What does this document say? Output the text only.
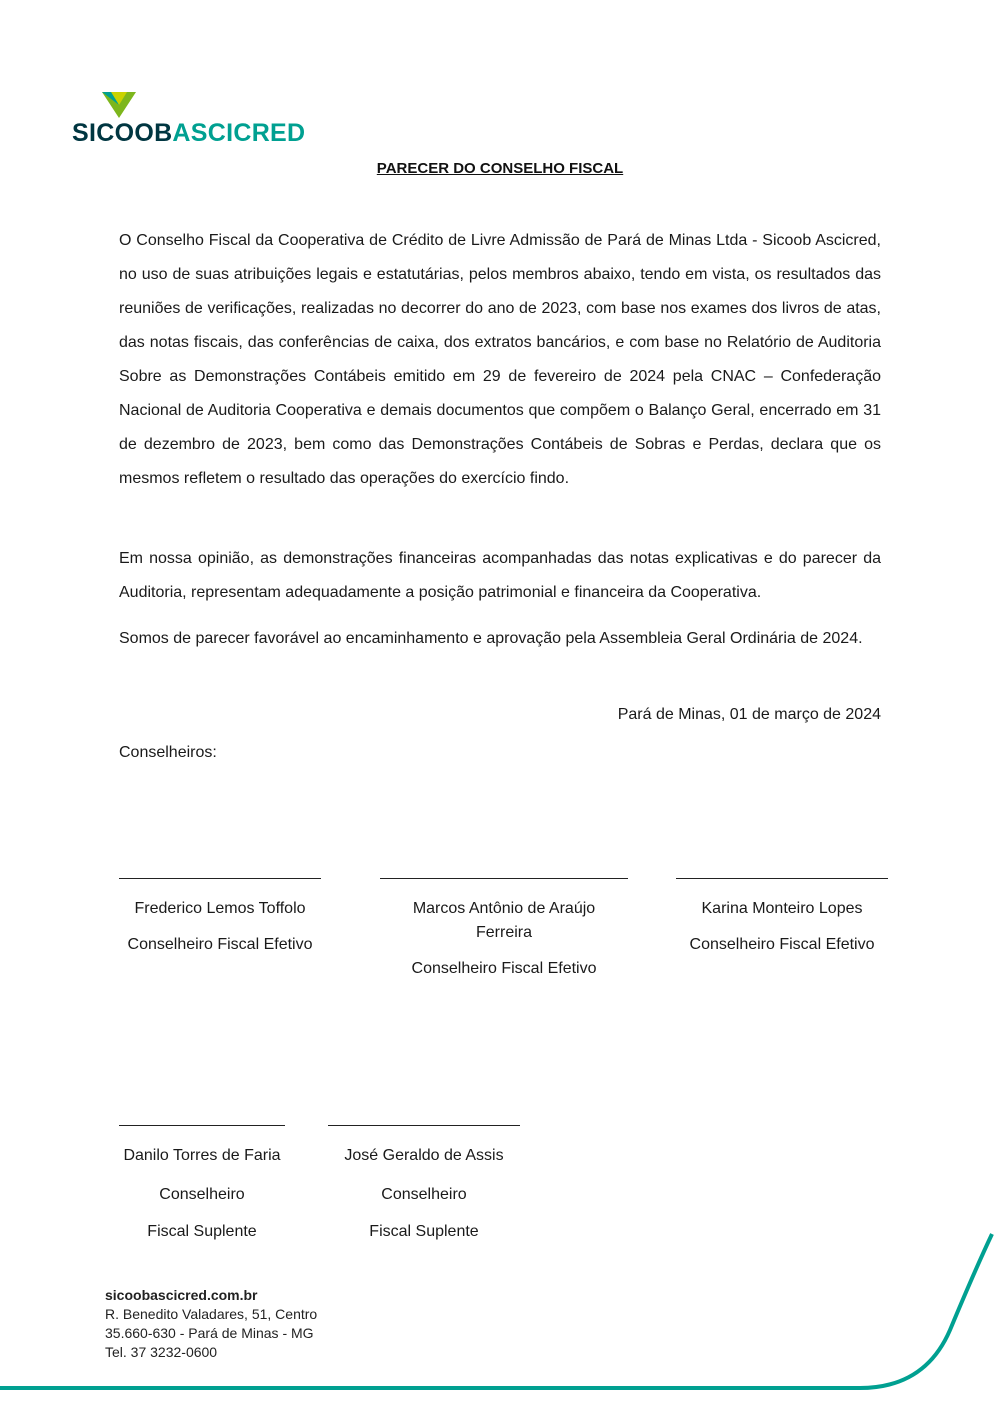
SICOOBASCICRED
PARECER DO CONSELHO FISCAL

O Conselho Fiscal da Cooperativa de Crédito de Livre Admissão de Pará de Minas Ltda - Sicoob Ascicred, no uso de suas atribuições legais e estatutárias, pelos membros abaixo, tendo em vista, os resultados das reuniões de verificações, realizadas no decorrer do ano de 2023, com base nos exames dos livros de atas, das notas fiscais, das conferências de caixa, dos extratos bancários, e com base no Relatório de Auditoria Sobre as Demonstrações Contábeis emitido em 29 de fevereiro de 2024 pela CNAC – Confederação Nacional de Auditoria Cooperativa e demais documentos que compõem o Balanço Geral, encerrado em 31 de dezembro de 2023, bem como das Demonstrações Contábeis de Sobras e Perdas, declara que os mesmos refletem o resultado das operações do exercício findo.

Em nossa opinião, as demonstrações financeiras acompanhadas das notas explicativas e do parecer da Auditoria, representam adequadamente a posição patrimonial e financeira da Cooperativa.

Somos de parecer favorável ao encaminhamento e aprovação pela Assembleia Geral Ordinária de 2024.

Pará de Minas, 01 de março de 2024
Conselheiros:
Frederico Lemos Toffolo
Conselheiro Fiscal Efetivo
Marcos Antônio de Araújo Ferreira
Conselheiro Fiscal Efetivo
Karina Monteiro Lopes
Conselheiro Fiscal Efetivo
Danilo Torres de Faria
Conselheiro Fiscal Suplente
José Geraldo de Assis
Conselheiro Fiscal Suplente
sicoobascicred.com.br
R. Benedito Valadares, 51, Centro
35.660-630 - Pará de Minas - MG
Tel. 37 3232-0600
